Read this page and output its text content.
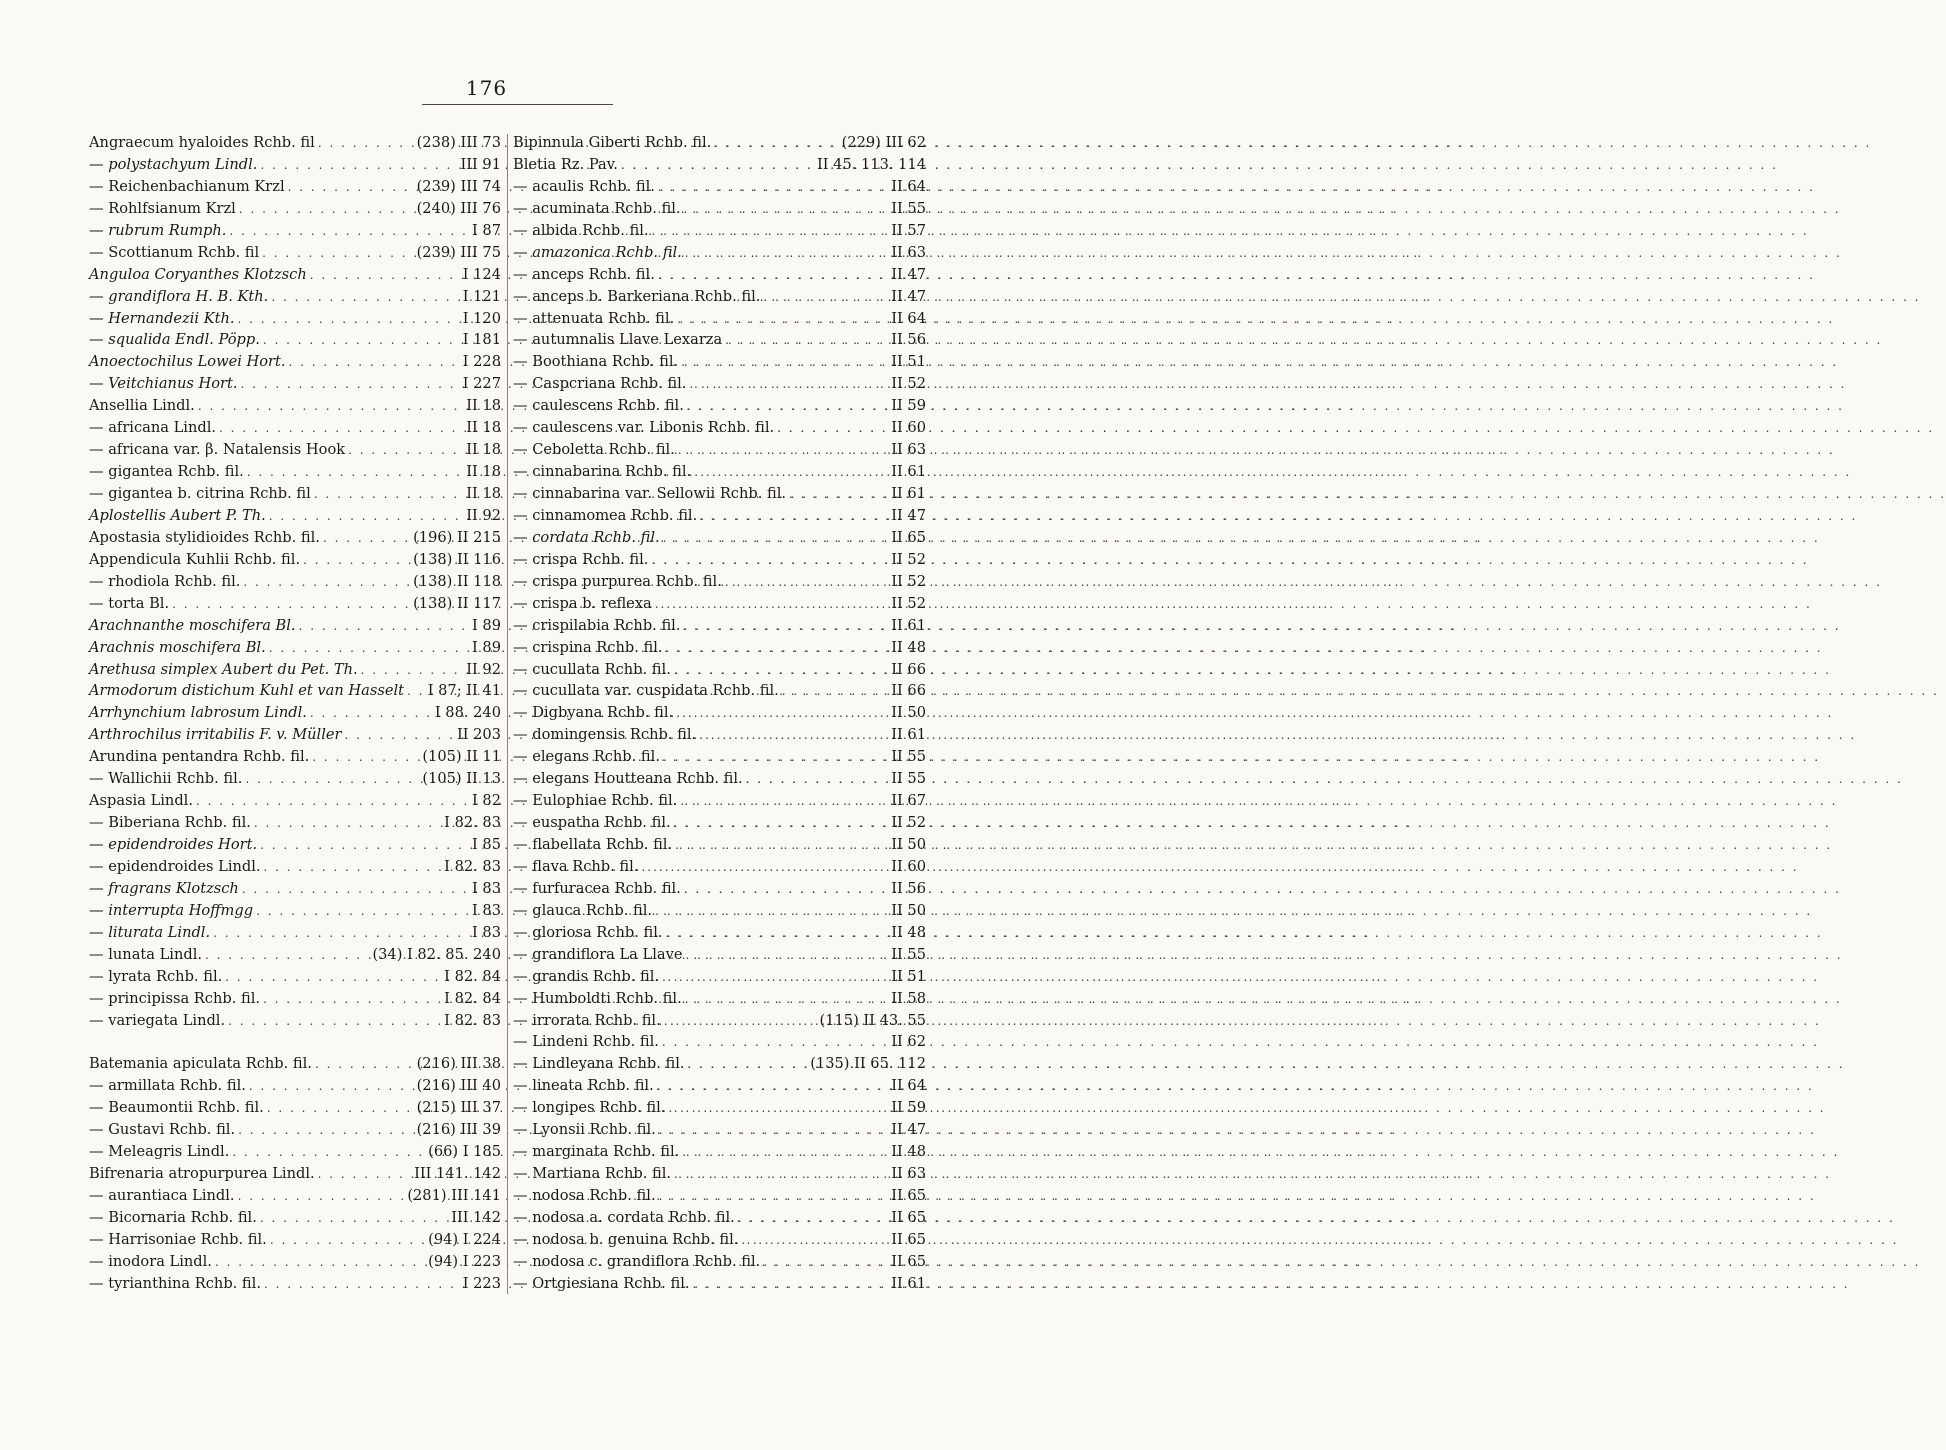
176
Angraecum hyaloides Rchb. fil . . .	(238) III 73
— polystachyum Lindl. . . .	III 91
— Reichenbachianum Krzl . . .	(239) III 74
— Rohlfsianum Krzl . . .	(240) III 76
— rubrum Rumph. . . .	I 87
— Scottianum Rchb. fil . . .	(239) III 75
Anguloa Coryanthes Klotzsch . . .	I 124
— grandiflora H. B. Kth. . . .	I 121
— Hernandezii Kth. . . .	I 120
— squalida Endl. Pöpp. . . .	I 181
Anoectochilus Lowei Hort. . . .	I 228
— Veitchianus Hort. . . .	I 227
Ansellia Lindl. . . .	II 18
— africana Lindl. . . .	II 18
— africana var. β. Natalensis Hook . . .	II 18
— gigantea Rchb. fil. . . .	II 18
— gigantea b. citrina Rchb. fil . . .	II 18
Aplostellis Aubert P. Th. . . .	II 92
Apostasia stylidioides Rchb. fil. . . .	(196) II 215
Appendicula Kuhlii Rchb. fil. . . .	(138) II 116
— rhodiola Rchb. fil. . . .	(138) II 118
— torta Bl. . . .	(138) II 117
Arachnanthe moschifera Bl. . . .	I 89
Arachnis moschifera Bl. . . .	I 89
Arethusa simplex Aubert du Pet. Th. . . .	II 92
Armodorum distichum Kuhl et van Hasselt . . . I 87; II 41
Arrhynchium labrosum Lindl. . . .	I 88. 240
Arthrochilus irritabilis F. v. Müller . . .	II 203
Arundina pentandra Rchb. fil. . . .	(105) II 11
— Wallichii Rchb. fil. . . .	(105) II 13
Aspasia Lindl. . . .	I 82
— Biberiana Rchb. fil. . . .	I 82. 83
— epidendroides Hort. . . .	I 85
— epidendroides Lindl. . . .	I 82. 83
— fragrans Klotzsch . . .	I 83
— interrupta Hoffmgg . . .	I 83
— liturata Lindl. . . .	I 83
— lunata Lindl. . . .	(34) I 82. 85. 240
— lyrata Rchb. fil. . . .	I 82. 84
— principissa Rchb. fil. . . .	I 82. 84
— variegata Lindl. . . .	I 82. 83
Batemania apiculata Rchb. fil. . . .	(216) III 38
— armillata Rchb. fil. . . .	(216) III 40
— Beaumontii Rchb. fil. . . .	(215) III 37
— Gustavi Rchb. fil. . . .	(216) III 39
— Meleagris Lindl. . . .	(66) I 185
Bifrenaria atropurpurea Lindl. . . .	III 141. 142
— aurantiaca Lindl. . . .	(281) III 141
— Bicornaria Rchb. fil. . . .	III 142
— Harrisoniae Rchb. fil. . . .	(94) I 224
— inodora Lindl. . . .	(94) I 223
— tyrianthina Rchb. fil. . . .	I 223
Bipinnula Giberti Rchb. fil. . . .	(229) III 62
Bletia Rz. Pav. . . .	II 45. 113. 114
— acaulis Rchb. fil. . . .	II 64
— acuminata Rchb. fil. . . .	II 55
— albida Rchb. fil. . . .	II 57
— amazonica Rchb. fil. . . .	II 63
— anceps Rchb. fil. . . .	II 47
— anceps b. Barkeriana Rchb. fil. . . .	II 47
— attenuata Rchb. fil. . . .	II 64
— autumnalis Llave Lexarza . . .	II 56
— Boothiana Rchb. fil. . . .	II 51
— Caspcriana Rchb. fil. . . .	II 52
— caulescens Rchb. fil. . . .	II 59
— caulescens var. Libonis Rchb. fil. . . .	II 60
— Ceboletta Rchb. fil. . . .	II 63
— cinnabarina Rchb. fil. . . .	II 61
— cinnabarina var. Sellowii Rchb. fil. . . .	II 61
— cinnamomea Rchb. fil. . . .	II 47
— cordata Rchb. fil. . . .	II 65
— crispa Rchb. fil. . . .	II 52
— crispa purpurea Rchb. fil. . . .	II 52
— crispa b. reflexa . . .	II 52
— crispilabia Rchb. fil. . . .	II 61
— crispina Rchb. fil. . . .	II 48
— cucullata Rchb. fil. . . .	II 66
— cucullata var. cuspidata Rchb. fil. . . .	II 66
— Digbyana Rchb. fil. . . .	II 50
— domingensis Rchb. fil. . . .	II 61
— elegans Rchb. fil. . . .	II 55
— elegans Houtteana Rchb. fil. . . .	II 55
— Eulophiae Rchb. fil. . . .	II 67
— euspatha Rchb. fil. . . .	II 52
— flabellata Rchb. fil. . . .	II 50
— flava Rchb. fil. . . .	II 60
— furfuracea Rchb. fil. . . .	II 56
— glauca Rchb. fil. . . .	II 50
— gloriosa Rchb. fil. . . .	II 48
— grandiflora La Llave . . .	II 55
— grandis Rchb. fil. . . .	II 51
— Humboldti Rchb. fil. . . .	II 58
— irrorata Rchb. fil. . . .	(115) II 43. 55
— Lindeni Rchb. fil. . . .	II 62
— Lindleyana Rchb. fil. . . .	(135) II 65. 112
— lineata Rchb. fil. . . .	II 64
— longipes Rchb. fil. . . .	II 59
— Lyonsii Rchb. fil. . . .	II 47
— marginata Rchb. fil. . . .	II 48
— Martiana Rchb. fil. . . .	II 63
— nodosa Rchb. fil. . . .	II 65
— nodosa a. cordata Rchb. fil. . . .	II 65
— nodosa b. genuina Rchb. fil. . . .	II 65
— nodosa c. grandiflora Rchb. fil. . . .	II 65
— Ortgiesiana Rchb. fil. . . .	II 61
